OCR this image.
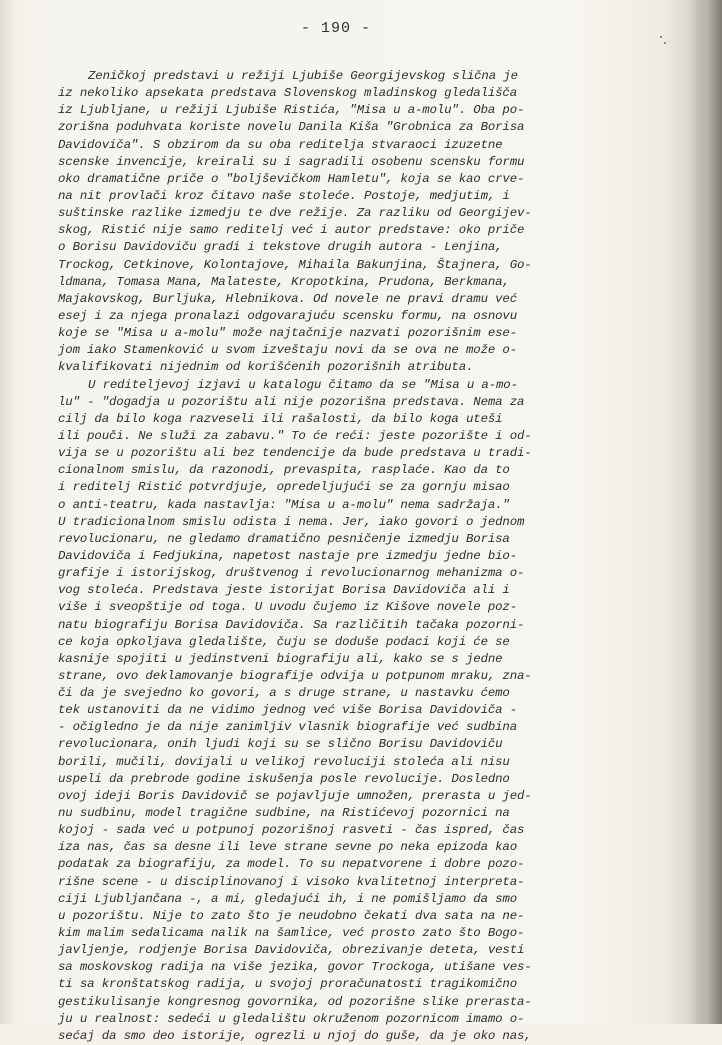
- 190 -
Zeničkoj predstavi u režiji Ljubiše Georgijevskog slična je
iz nekoliko apsekata predstava Slovenskog mladinskog gledališča
iz Ljubljane, u režiji Ljubiše Ristića, "Misa u a-molu". Oba po-
zorišna poduhvata koriste novelu Danila Kiša "Grobnica za Borisa
Davidoviča". S obzirom da su oba reditelja stvaraoci izuzetne
scenske invencije, kreirali su i sagradili osobenu scensku formu
oko dramatične priče o "boljševičkom Hamletu", koja se kao crve-
na nit provlači kroz čitavo naše stoleće. Postoje, medjutim, i
suštinske razlike izmedju te dve režije. Za razliku od Georgijev-
skog, Ristić nije samo reditelj već i autor predstave: oko priče
o Borisu Davidoviču gradi i tekstove drugih autora - Lenjina,
Trockog, Cetkinove, Kolontajove, Mihaila Bakunjina, Štajnera, Go-
ldmana, Tomasa Mana, Malateste, Kropotkina, Prudona, Berkmana,
Majakovskog, Burljuka, Hlebnikova. Od novele ne pravi dramu već
esej i za njega pronalazi odgovarajuću scensku formu, na osnovu
koje se "Misa u a-molu" može najtačnije nazvati pozorišnim ese-
jom iako Stamenković u svom izveštaju novi da se ova ne može o-
kvalifikovati nijednim od korišćenih pozorišnih atributa.
U rediteljevoj izjavi u katalogu čitamo da se "Misa u a-mo-
lu" - "dogadja u pozorištu ali nije pozorišna predstava. Nema za
cilj da bilo koga razveseli ili rašalosti, da bilo koga uteši
ili pouči. Ne služi za zabavu." To će reći: jeste pozorište i od-
vija se u pozorištu ali bez tendencije da bude predstava u tradi-
cionalnom smislu, da razonodi, prevaspita, rasplaće. Kao da to
i reditelj Ristić potvrdjuje, opredeljujući se za gornju misao
o anti-teatru, kada nastavlja: "Misa u a-molu" nema sadržaja."
U tradicionalnom smislu odista i nema. Jer, iako govori o jednom
revolucionaru, ne gledamo dramatično pesničenje izmedju Borisa
Davidoviča i Fedjukina, napetost nastaje pre izmedju jedne bio-
grafije i istorijskog, društvenog i revolucionarnog mehanizma o-
vog stoleća. Predstava jeste istorijat Borisa Davidoviča ali i
više i sveopštije od toga. U uvodu čujemo iz Kišove novele poz-
natu biografiju Borisa Davidoviča. Sa različitih tačaka pozorni-
ce koja opkoljava gledalište, čuju se doduše podaci koji će se
kasnije spojiti u jedinstveni biografiju ali, kako se s jedne
strane, ovo deklamovanje biografije odvija u potpunom mraku, zna-
či da je svejedno ko govori, a s druge strane, u nastavku ćemo
tek ustanoviti da ne vidimo jednog već više Borisa Davidoviča -
- očigledno je da nije zanimljiv vlasnik biografije već sudbina
revolucionara, onih ljudi koji su se slično Borisu Davidoviču
borili, mučili, dovijali u velikoj revoluciji stoleća ali nisu
uspeli da prebrode godine iskušenja posle revolucije. Dosledno
ovoj ideji Boris Davidovič se pojavljuje umnožen, prerasta u jed-
nu sudbinu, model tragične sudbine, na Ristićevoj pozornici na
kojoj - sada već u potpunoj pozorišnoj rasveti - čas ispred, čas
iza nas, čas sa desne ili leve strane sevne po neka epizoda kao
podatak za biografiju, za model. To su nepatvorene i dobre pozo-
rišne scene - u disciplinovanoj i visoko kvalitetnoj interpreta-
ciji Ljubljančana -, a mi, gledajući ih, i ne pomišljamo da smo
u pozorištu. Nije to zato što je neudobno čekati dva sata na ne-
kim malim sedalicama nalik na šamlice, već prosto zato što Bogo-
javljenje, rodjenje Borisa Davidoviča, obrezivanje deteta, vesti
sa moskovskog radija na više jezika, govor Trockoga, utišane ves-
ti sa kronštatskog radija, u svojoj proračunatosti tragikomično
gestikulisanje kongresnog govornika, od pozorišne slike prerasta-
ju u realnost: sedeći u gledalištu okruženom pozornicom imamo o-
sećaj da smo deo istorije, ogrezli u njoj do guše, da je oko nas,
